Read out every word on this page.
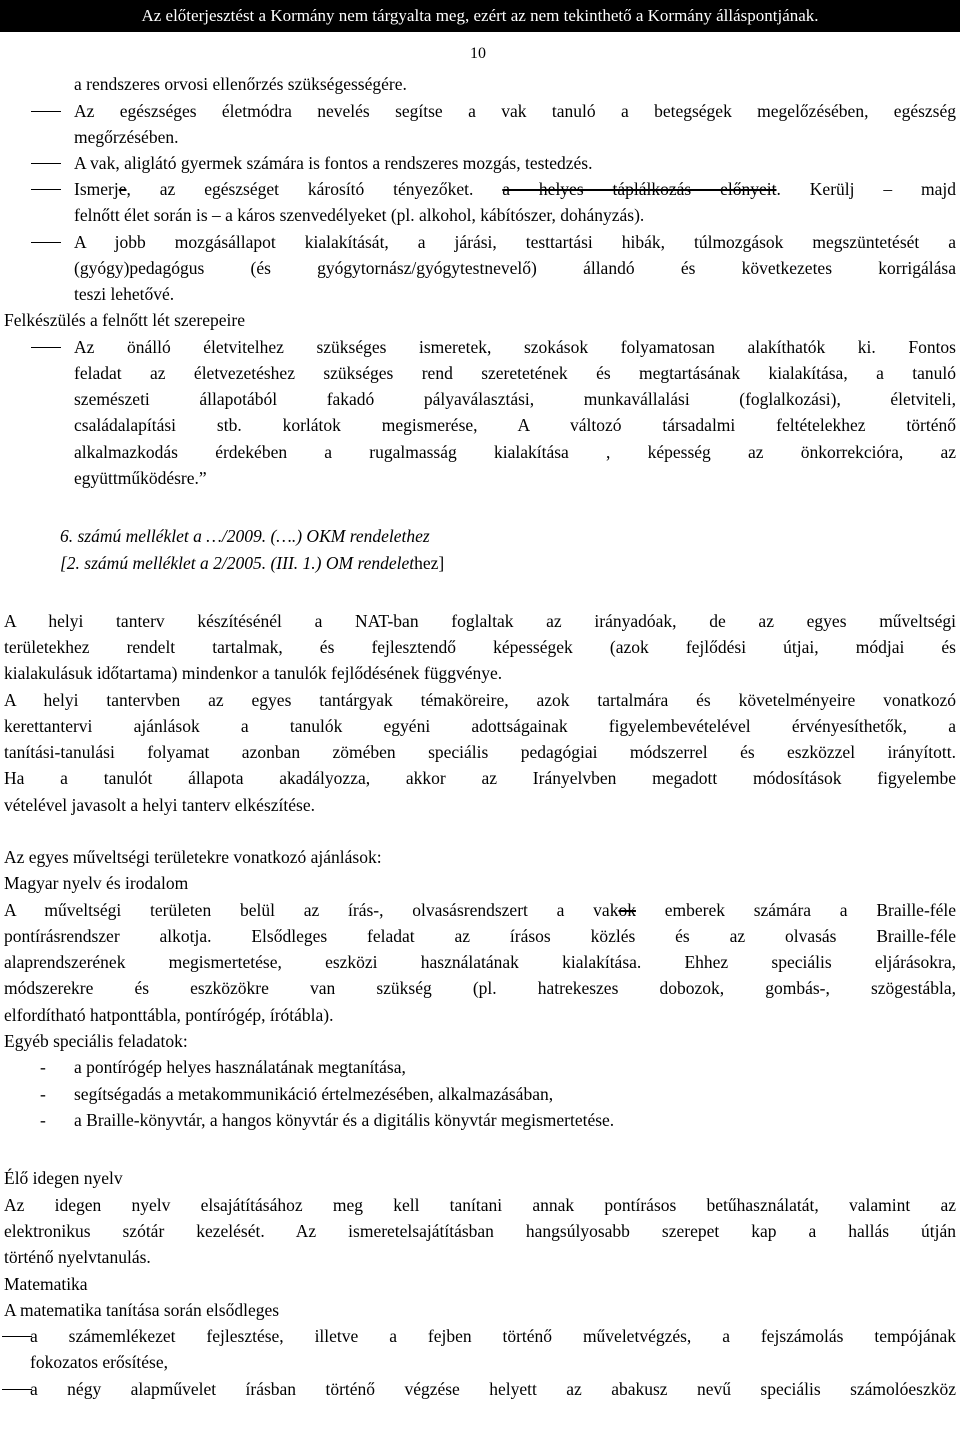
Az előterjesztést a Kormány nem tárgyalta meg, ezért az nem tekinthető a Kormány álláspontjának.
10
a rendszeres orvosi ellenőrzés szükségességére.
Az egészséges életmódra nevelés segítse a vak tanuló a betegségek megelőzésében, egészség
megőrzésében.
A vak, aliglátó gyermek számára is fontos a rendszeres mozgás, testedzés.
Ismerje, az egészséget károsító tényezőket. a helyes táplálkozás előnyeit. Kerülj – majd
felnőtt élet során is – a káros szenvedélyeket (pl. alkohol, kábítószer, dohányzás).
A jobb mozgásállapot kialakítását, a járási, testtartási hibák, túlmozgások megszüntetését a
(gyógy)pedagógus (és gyógytornász/gyógytestnevelő) állandó és következetes korrigálása
teszi lehetővé.
Felkészülés a felnőtt lét szerepeire
Az önálló életvitelhez szükséges ismeretek, szokások folyamatosan alakíthatók ki. Fontos
feladat az életvezetéshez szükséges rend szeretetének és megtartásának kialakítása, a tanuló
szemészeti állapotából fakadó pályaválasztási, munkavállalási (foglalkozási), életviteli,
családalapítási stb. korlátok megismerése, A változó társadalmi feltételekhez történő
alkalmazkodás érdekében a rugalmasság kialakítása , képesség az önkorrekcióra, az
együttműködésre.”
6. számú melléklet a …/2009. (….) OKM rendelethez
[2. számú melléklet a 2/2005. (III. 1.) OM rendelethez]
A helyi tanterv készítésénél a NAT-ban foglaltak az irányadóak, de az egyes műveltségi
területekhez rendelt tartalmak, és fejlesztendő képességek (azok fejlődési útjai, módjai és
kialakulásuk időtartama) mindenkor a tanulók fejlődésének függvénye.
A helyi tantervben az egyes tantárgyak témaköreire, azok tartalmára és követelményeire vonatkozó
kerettantervi ajánlások a tanulók egyéni adottságainak figyelembevételével érvényesíthetők, a
tanítási-tanulási folyamat azonban zömében speciális pedagógiai módszerrel és eszközzel irányított.
Ha a tanulót állapota akadályozza, akkor az Irányelvben megadott módosítások figyelembe
vételével javasolt a helyi tanterv elkészítése.
Az egyes műveltségi területekre vonatkozó ajánlások:
Magyar nyelv és irodalom
A műveltségi területen belül az írás-, olvasásrendszert a vakok emberek számára a Braille-féle
pontírásrendszer alkotja. Elsődleges feladat az írásos közlés és az olvasás Braille-féle
alaprendszerének megismertetése, eszközi használatának kialakítása. Ehhez speciális eljárásokra,
módszerekre és eszközökre van szükség (pl. hatrekeszes dobozok, gombás-, szögestábla,
elfordítható hatponttábla, pontírógép, írótábla).
Egyéb speciális feladatok:
- a pontírógép helyes használatának megtanítása,
- segítségadás a metakommunikáció értelmezésében, alkalmazásában,
- a Braille-könyvtár, a hangos könyvtár és a digitális könyvtár megismertetése.
Élő idegen nyelv
Az idegen nyelv elsajátításához meg kell tanítani annak pontírásos betűhasználatát, valamint az
elektronikus szótár kezelését. Az ismeretelsajátításban hangsúlyosabb szerepet kap a hallás útján
történő nyelvtanulás.
Matematika
A matematika tanítása során elsődleges
a számemlékezet fejlesztése, illetve a fejben történő műveletvégzés, a fejszámolás tempójának
fokozatos erősítése,
a négy alapművelet írásban történő végzése helyett az abakusz nevű speciális számolóeszköz
